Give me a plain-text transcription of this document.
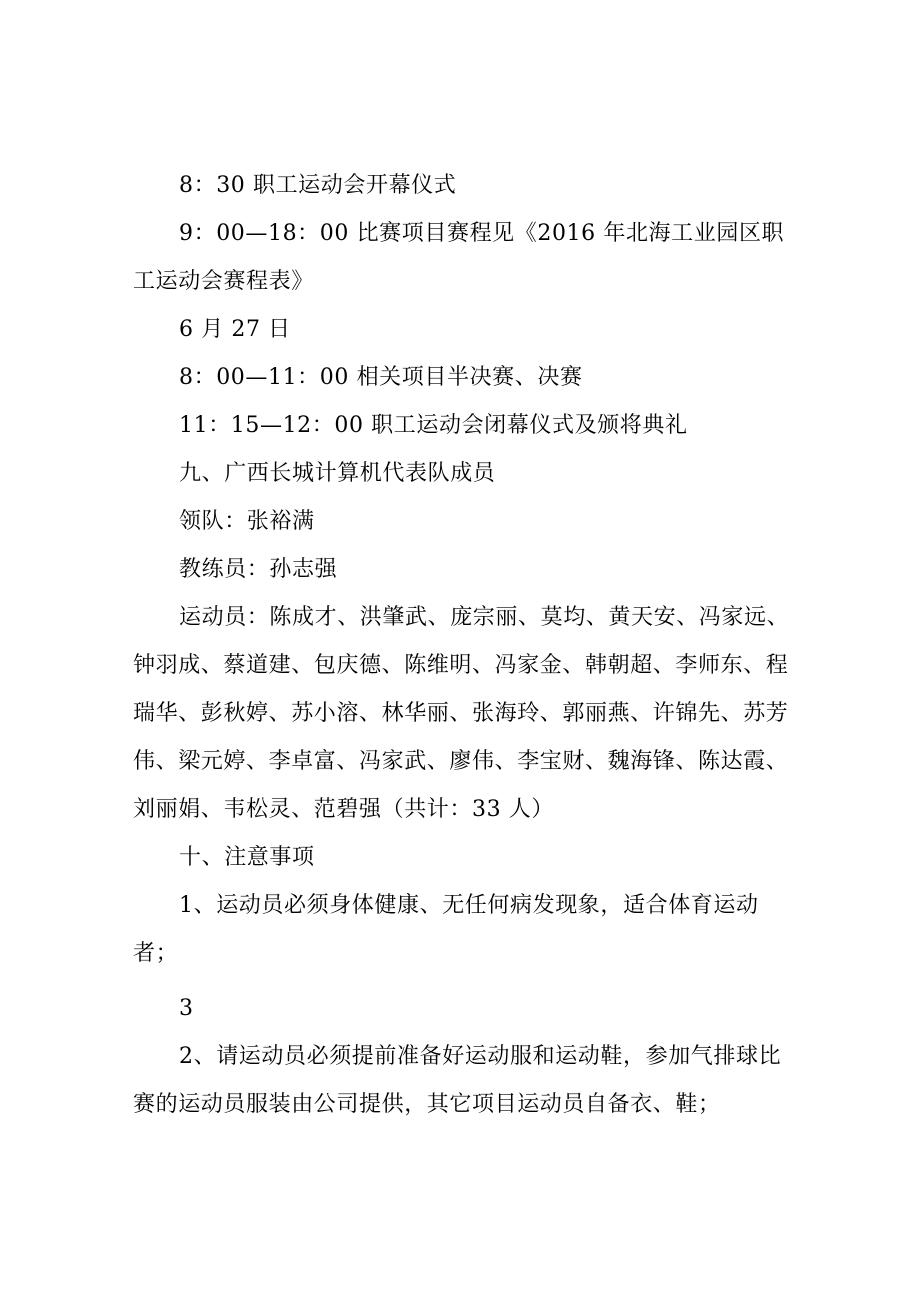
8：30 职工运动会开幕仪式

9：00—18：00 比赛项目赛程见《2016 年北海工业园区职工运动会赛程表》

6 月 27 日

8：00—11：00 相关项目半决赛、决赛

11：15—12：00 职工运动会闭幕仪式及颁将典礼

九、广西长城计算机代表队成员

领队：张裕满

教练员：孙志强

运动员：陈成才、洪肇武、庞宗丽、莫均、黄天安、冯家远、钟羽成、蔡道建、包庆德、陈维明、冯家金、韩朝超、李师东、程瑞华、彭秋婷、苏小溶、林华丽、张海玲、郭丽燕、许锦先、苏芳伟、梁元婷、李卓富、冯家武、廖伟、李宝财、魏海锋、陈达霞、刘丽娟、韦松灵、范碧强（共计：33 人）

十、注意事项

1、运动员必须身体健康、无任何病发现象，适合体育运动者；

3

2、请运动员必须提前准备好运动服和运动鞋，参加气排球比赛的运动员服装由公司提供，其它项目运动员自备衣、鞋；
